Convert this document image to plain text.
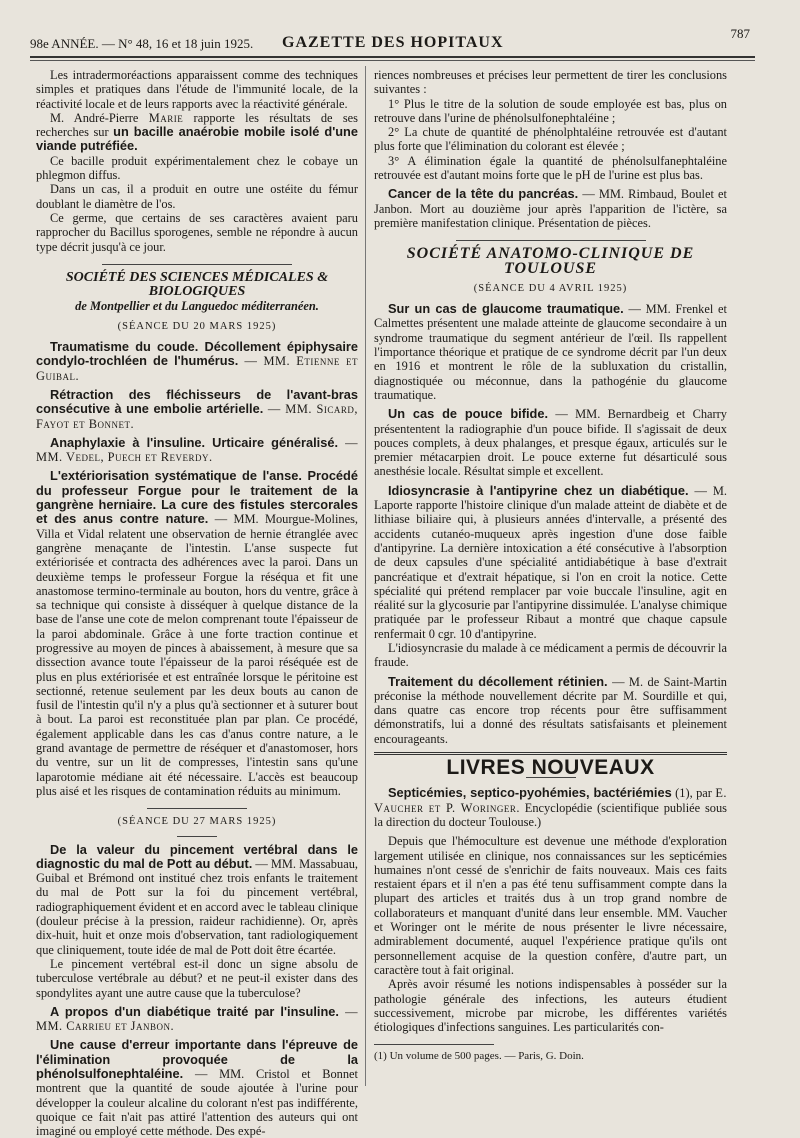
98e ANNÉE. — N° 48, 16 et 18 juin 1925. GAZETTE DES HOPITAUX
787

Les intradermoréactions apparaissent comme des techniques simples et pratiques dans l'étude de l'immunité locale, de la réactivité locale et de leurs rapports avec la réactivité générale.

M. André-Pierre Marie rapporte les résultats de ses recherches sur un bacille anaérobie mobile isolé d'une viande putréfiée.

Ce bacille produit expérimentalement chez le cobaye un phlegmon diffus.

Dans un cas, il a produit en outre une ostéite du fémur doublant le diamètre de l'os.

Ce germe, que certains de ses caractères avaient paru rapprocher du Bacillus sporogenes, semble ne répondre à aucun type décrit jusqu'à ce jour.

SOCIÉTÉ DES SCIENCES MÉDICALES & BIOLOGIQUES

de Montpellier et du Languedoc méditerranéen.

(SÉANCE DU 20 MARS 1925)

Traumatisme du coude. Décollement épiphysaire condylo-trochléen de l'humérus. — MM. Etienne et Guibal.

Rétraction des fléchisseurs de l'avant-bras consécutive à une embolie artérielle. — MM. Sicard, Fayot et Bonnet.

Anaphylaxie à l'insuline. Urticaire généralisé. — MM. Vedel, Puech et Reverdy.

L'extériorisation systématique de l'anse. Procédé du professeur Forgue pour le traitement de la gangrène herniaire. La cure des fistules stercorales et des anus contre nature. — MM. Mourgue-Molines, Villa et Vidal relatent une observation de hernie étranglée avec gangrène menaçante de l'intestin. L'anse suspecte fut extériorisée et contracta des adhérences avec la paroi. Dans un deuxième temps le professeur Forgue la réséqua et fit une anastomose termino-terminale au bouton, hors du ventre, grâce à sa technique qui consiste à disséquer à quelque distance de la base de l'anse une cote de melon comprenant toute l'épaisseur de la paroi abdominale. Grâce à une forte traction continue et progressive au moyen de pinces à abaissement, à mesure que sa dissection avance toute l'épaisseur de la paroi réséquée est de plus en plus extériorisée et est entraînée lorsque le péritoine est sectionné, retenue seulement par les deux bouts au canon de fusil de l'intestin qu'il n'y a plus qu'à sectionner et à suturer bout à bout. La paroi est reconstituée plan par plan. Ce procédé, également applicable dans les cas d'anus contre nature, a le grand avantage de permettre de réséquer et d'anastomoser, hors du ventre, sur un lit de compresses, l'intestin sans qu'une laparotomie médiane ait été nécessaire. L'accès est beaucoup plus aisé et les risques de contamination réduits au minimum.

(SÉANCE DU 27 MARS 1925)

De la valeur du pincement vertébral dans le diagnostic du mal de Pott au début. — MM. Massabuau, Guibal et Brémond ont institué chez trois enfants le traitement du mal de Pott sur la foi du pincement vertébral, radiographiquement évident et en accord avec le tableau clinique (douleur précise à la pression, raideur rachidienne). Or, après dix-huit, huit et onze mois d'observation, tant radiologiquement que cliniquement, toute idée de mal de Pott doit être écartée.

Le pincement vertébral est-il donc un signe absolu de tuberculose vertébrale au début? et ne peut-il exister dans des spondylites ayant une autre cause que la tuberculose?

A propos d'un diabétique traité par l'insuline. — MM. Carrieu et Janbon.

Une cause d'erreur importante dans l'épreuve de l'élimination provoquée de la phénolsulfonephtaléine. — MM. Cristol et Bonnet montrent que la quantité de soude ajoutée à l'urine pour développer la couleur alcaline du colorant n'est pas indifférente, quoique ce fait n'ait pas attiré l'attention des auteurs qui ont imaginé ou employé cette méthode. Des expé-

riences nombreuses et précises leur permettent de tirer les conclusions suivantes :

1° Plus le titre de la solution de soude employée est bas, plus on retrouve dans l'urine de phénolsulfonephtaléine ;

2° La chute de quantité de phénolphtaléine retrouvée est d'autant plus forte que l'élimination du colorant est élevée ;

3° A élimination égale la quantité de phénolsulfanephtaléine retrouvée est d'autant moins forte que le pH de l'urine est plus bas.

Cancer de la tête du pancréas. — MM. Rimbaud, Boulet et Janbon. Mort au douzième jour après l'apparition de l'ictère, sa première manifestation clinique. Présentation de pièces.

SOCIÉTÉ ANATOMO-CLINIQUE DE TOULOUSE

(SÉANCE DU 4 AVRIL 1925)

Sur un cas de glaucome traumatique. — MM. Frenkel et Calmettes présentent une malade atteinte de glaucome secondaire à un syndrome traumatique du segment antérieur de l'œil. Ils rappellent l'importance théorique et pratique de ce syndrome décrit par l'un deux en 1916 et montrent le rôle de la subluxation du cristallin, diagnostiquée ou méconnue, dans la pathogénie du glaucome traumatique.

Un cas de pouce bifide. — MM. Bernardbeig et Charry présententent la radiographie d'un pouce bifide. Il s'agissait de deux pouces complets, à deux phalanges, et presque égaux, articulés sur le premier métacarpien droit. Le pouce externe fut désarticulé sous anesthésie locale. Résultat simple et excellent.

Idiosyncrasie à l'antipyrine chez un diabétique. — M. Laporte rapporte l'histoire clinique d'un malade atteint de diabète et de lithiase biliaire qui, à plusieurs années d'intervalle, a présenté des accidents cutanéo-muqueux après ingestion d'une dose faible d'antipyrine. La dernière intoxication a été consécutive à l'absorption de deux capsules d'une spécialité antidiabétique à base d'extrait pancréatique et d'extrait hépatique, si l'on en croit la notice. Cette spécialité qui prétend remplacer par voie buccale l'insuline, agit en réalité sur la glycosurie par l'antipyrine dissimulée. L'analyse chimique pratiquée par le professeur Ribaut a montré que chaque capsule renfermait 0 cgr. 10 d'antipyrine.

L'idiosyncrasie du malade à ce médicament a permis de découvrir la fraude.

Traitement du décollement rétinien. — M. de Saint-Martin préconise la méthode nouvellement décrite par M. Sourdille et qui, dans quatre cas encore trop récents pour être suffisamment démonstratifs, lui a donné des résultats satisfaisants et pleinement encourageants.

LIVRES NOUVEAUX

Septicémies, septico-pyohémies, bactériémies (1), par E. Vaucher et P. Woringer. Encyclopédie (scientifique publiée sous la direction du docteur Toulouse.)

Depuis que l'hémoculture est devenue une méthode d'exploration largement utilisée en clinique, nos connaissances sur les septicémies humaines n'ont cessé de s'enrichir de faits nouveaux. Mais ces faits restaient épars et il n'en a pas été tenu suffisamment compte dans la plupart des articles et traités dus à un trop grand nombre de collaborateurs et manquant d'unité dans leur ensemble. MM. Vaucher et Woringer ont le mérite de nous présenter le livre nécessaire, admirablement documenté, auquel l'expérience pratique qu'ils ont personnellement acquise de la question confère, d'autre part, un caractère tout à fait original.

Après avoir résumé les notions indispensables à posséder sur la pathologie générale des infections, les auteurs étudient successivement, microbe par microbe, les différentes variétés étiologiques d'infections sanguines. Les particularités con-

(1) Un volume de 500 pages. — Paris, G. Doin.
